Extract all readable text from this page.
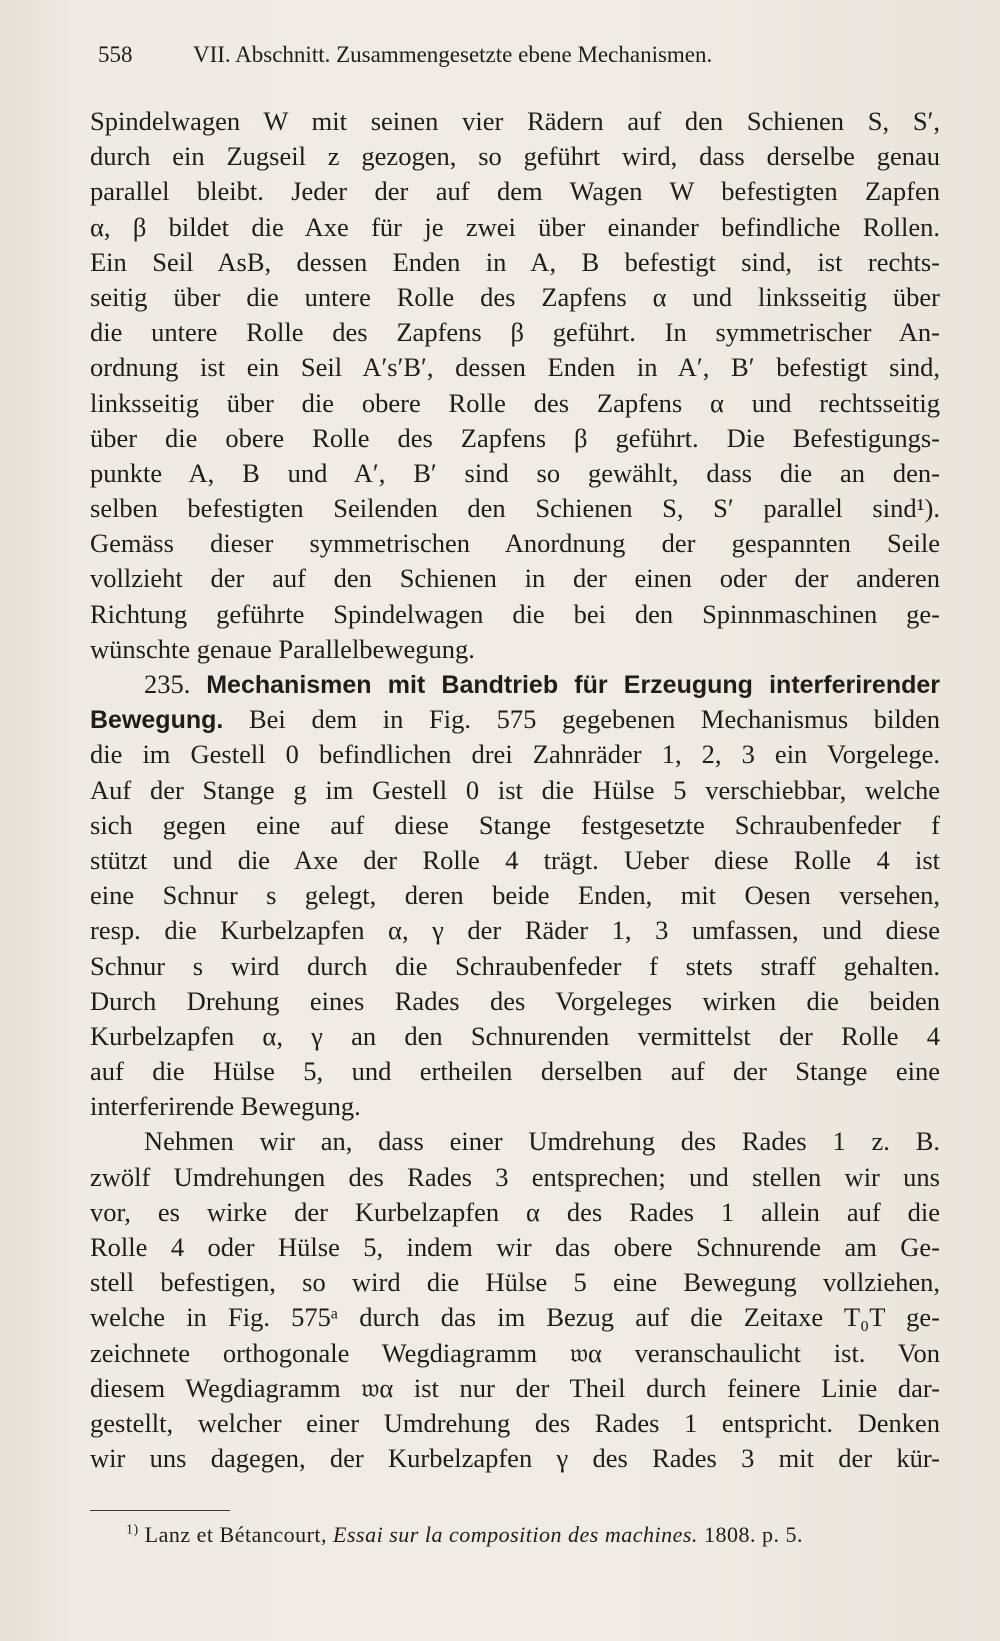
558	VII. Abschnitt. Zusammengesetzte ebene Mechanismen.
Spindelwagen W mit seinen vier Rädern auf den Schienen S, S′,
durch ein Zugseil z gezogen, so geführt wird, dass derselbe genau
parallel bleibt. Jeder der auf dem Wagen W befestigten Zapfen
α, β bildet die Axe für je zwei über einander befindliche Rollen.
Ein Seil AsB, dessen Enden in A, B befestigt sind, ist rechts-
seitig über die untere Rolle des Zapfens α und linksseitig über
die untere Rolle des Zapfens β geführt. In symmetrischer An-
ordnung ist ein Seil A′s′B′, dessen Enden in A′, B′ befestigt sind,
linksseitig über die obere Rolle des Zapfens α und rechtsseitig
über die obere Rolle des Zapfens β geführt. Die Befestigungs-
punkte A, B und A′, B′ sind so gewählt, dass die an den-
selben befestigten Seilenden den Schienen S, S′ parallel sind¹).
Gemäss dieser symmetrischen Anordnung der gespannten Seile
vollzieht der auf den Schienen in der einen oder der anderen
Richtung geführte Spindelwagen die bei den Spinnmaschinen ge-
wünschte genaue Parallelbewegung.
235. Mechanismen mit Bandtrieb für Erzeugung interferirender
Bewegung. Bei dem in Fig. 575 gegebenen Mechanismus bilden
die im Gestell 0 befindlichen drei Zahnräder 1, 2, 3 ein Vorgelege.
Auf der Stange g im Gestell 0 ist die Hülse 5 verschiebbar, welche
sich gegen eine auf diese Stange festgesetzte Schraubenfeder f
stützt und die Axe der Rolle 4 trägt. Ueber diese Rolle 4 ist
eine Schnur s gelegt, deren beide Enden, mit Oesen versehen,
resp. die Kurbelzapfen α, γ der Räder 1, 3 umfassen, und diese
Schnur s wird durch die Schraubenfeder f stets straff gehalten.
Durch Drehung eines Rades des Vorgeleges wirken die beiden
Kurbelzapfen α, γ an den Schnurenden vermittelst der Rolle 4
auf die Hülse 5, und ertheilen derselben auf der Stange eine
interferirende Bewegung.
Nehmen wir an, dass einer Umdrehung des Rades 1 z. B.
zwölf Umdrehungen des Rades 3 entsprechen; und stellen wir uns
vor, es wirke der Kurbelzapfen α des Rades 1 allein auf die
Rolle 4 oder Hülse 5, indem wir das obere Schnurende am Ge-
stell befestigen, so wird die Hülse 5 eine Bewegung vollziehen,
welche in Fig. 575ᵃ durch das im Bezug auf die Zeitaxe T₀T ge-
zeichnete orthogonale Wegdiagramm 𝔴α veranschaulicht ist. Von
diesem Wegdiagramm 𝔴α ist nur der Theil durch feinere Linie dar-
gestellt, welcher einer Umdrehung des Rades 1 entspricht. Denken
wir uns dagegen, der Kurbelzapfen γ des Rades 3 mit der kür-
$^{1)}$ Lanz et Bétancourt, Essai sur la composition des machines. 1808. p. 5.
